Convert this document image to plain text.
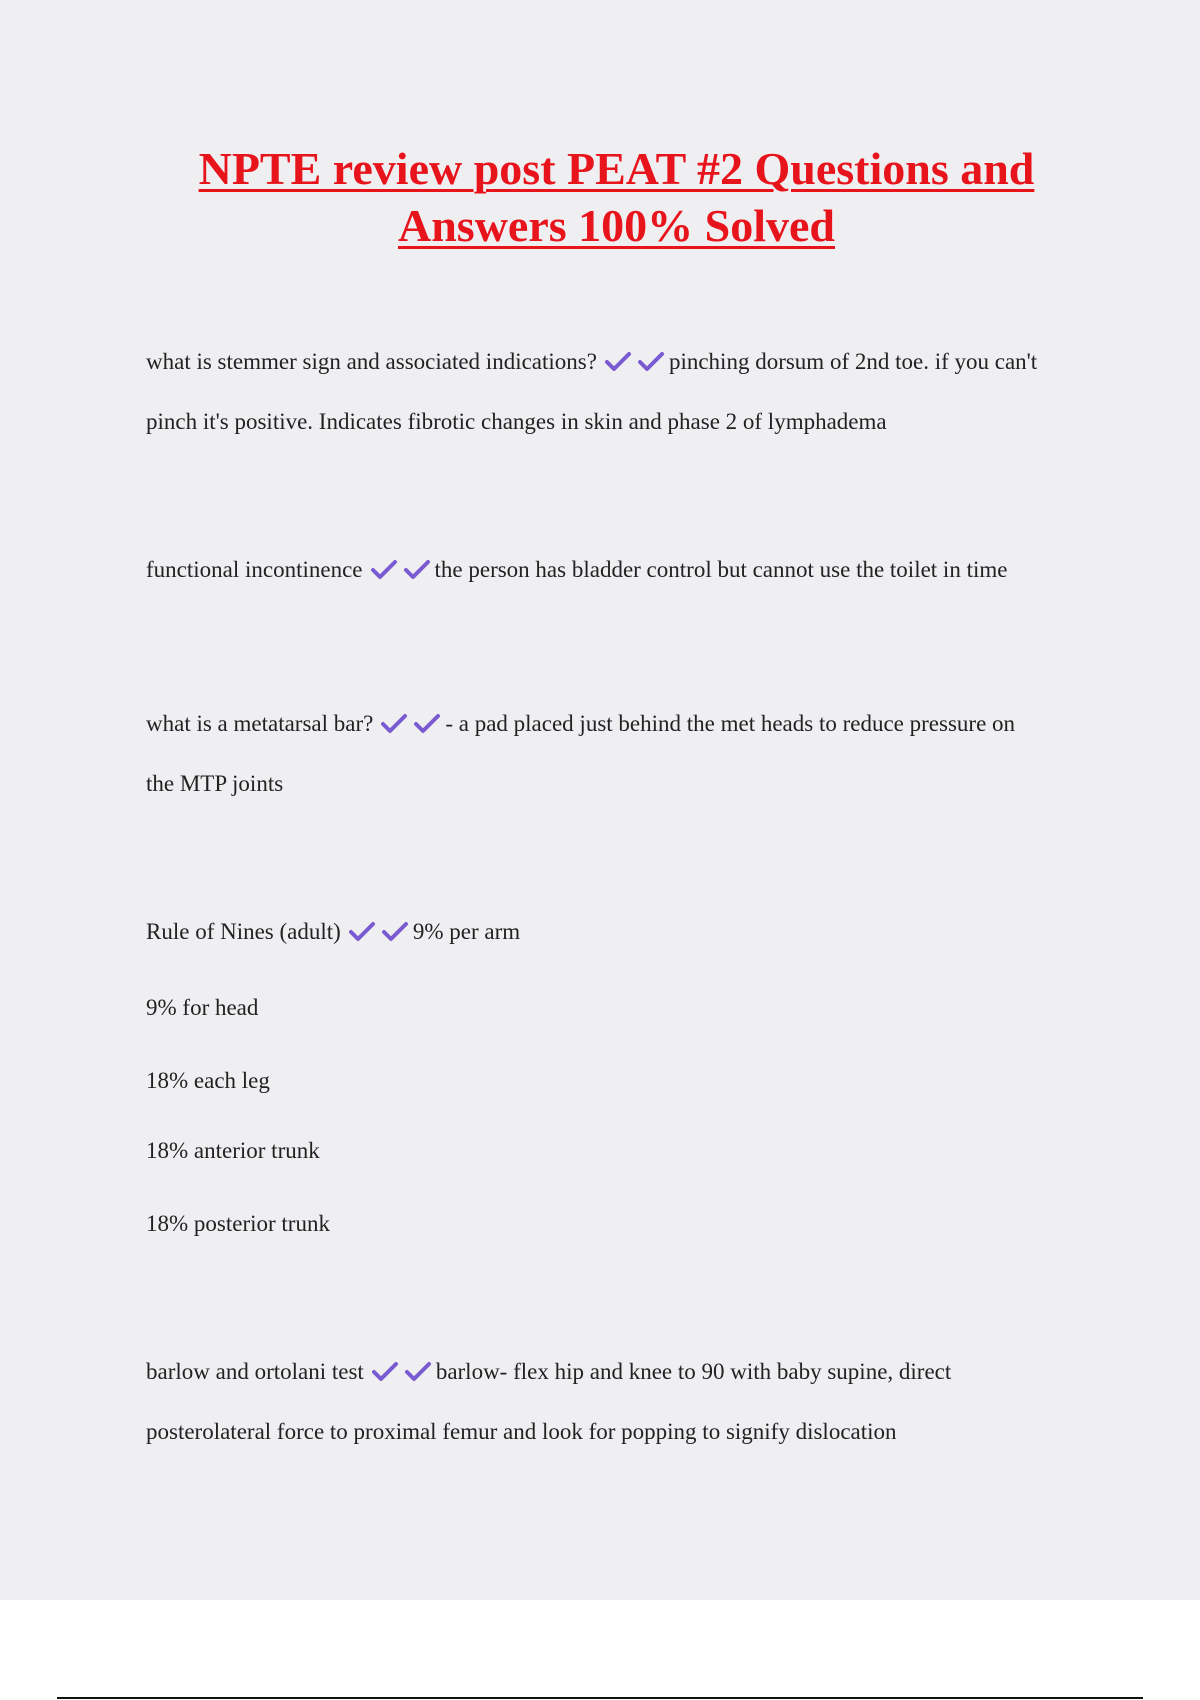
NPTE review post PEAT #2 Questions and Answers 100% Solved

what is stemmer sign and associated indications?	pinching dorsum of 2nd toe. if you can't

pinch it's positive. Indicates fibrotic changes in skin and phase 2 of lymphadema

functional incontinence	the person has bladder control but cannot use the toilet in time

what is a metatarsal bar?	- a pad placed just behind the met heads to reduce pressure on

the MTP joints

Rule of Nines (adult)	9% per arm

9% for head

18% each leg

18% anterior trunk

18% posterior trunk

barlow and ortolani test	barlow- flex hip and knee to 90 with baby supine, direct

posterolateral force to proximal femur and look for popping to signify dislocation
